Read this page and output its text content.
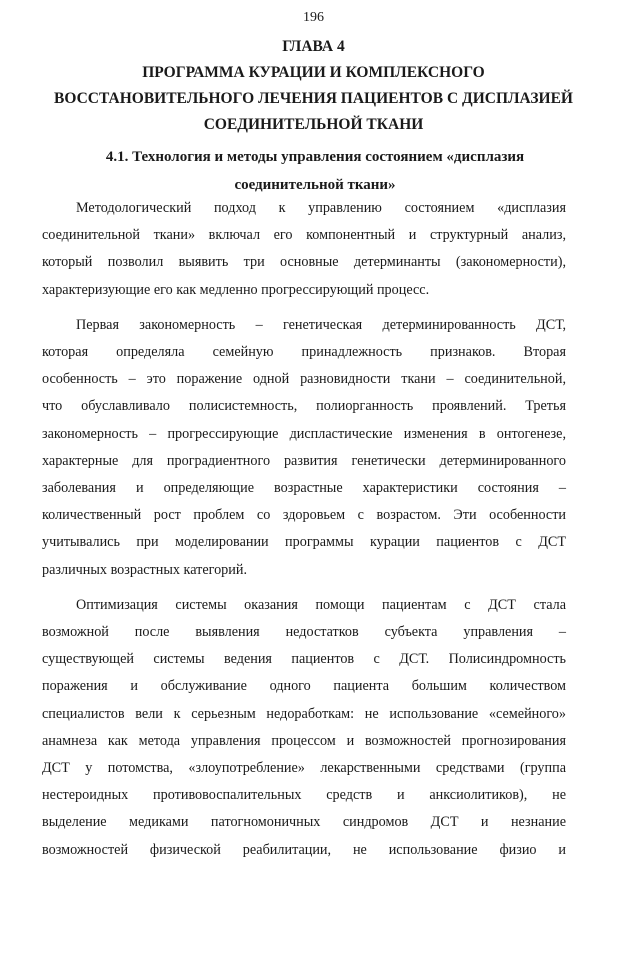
196
ГЛАВА 4
ПРОГРАММА КУРАЦИИ И КОМПЛЕКСНОГО
ВОССТАНОВИТЕЛЬНОГО ЛЕЧЕНИЯ ПАЦИЕНТОВ С ДИСПЛАЗИЕЙ
СОЕДИНИТЕЛЬНОЙ ТКАНИ
4.1. Технология и методы управления состоянием «дисплазия
соединительной ткани»

Методологический подход к управлению состоянием «дисплазия
соединительной ткани» включал его компонентный и структурный анализ,
который позволил выявить три основные детерминанты (закономерности),
характеризующие его как медленно прогрессирующий процесс.

Первая закономерность – генетическая детерминированность ДСТ,
которая определяла семейную принадлежность признаков. Вторая
особенность – это поражение одной разновидности ткани – соединительной,
что обуславливало полисистемность, полиорганность проявлений. Третья
закономерность – прогрессирующие диспластические изменения в онтогенезе,
характерные для проградиентного развития генетически детерминированного
заболевания и определяющие возрастные характеристики состояния –
количественный рост проблем со здоровьем с возрастом. Эти особенности
учитывались при моделировании программы курации пациентов с ДСТ
различных возрастных категорий.

Оптимизация системы оказания помощи пациентам с ДСТ стала
возможной после выявления недостатков субъекта управления –
существующей системы ведения пациентов с ДСТ. Полисиндромность
поражения и обслуживание одного пациента большим количеством
специалистов вели к серьезным недоработкам: не использование «семейного»
анамнеза как метода управления процессом и возможностей прогнозирования
ДСТ у потомства, «злоупотребление» лекарственными средствами (группа
нестероидных противовоспалительных средств и анксиолитиков), не
выделение медиками патогномоничных синдромов ДСТ и незнание
возможностей физической реабилитации, не использование физио и
